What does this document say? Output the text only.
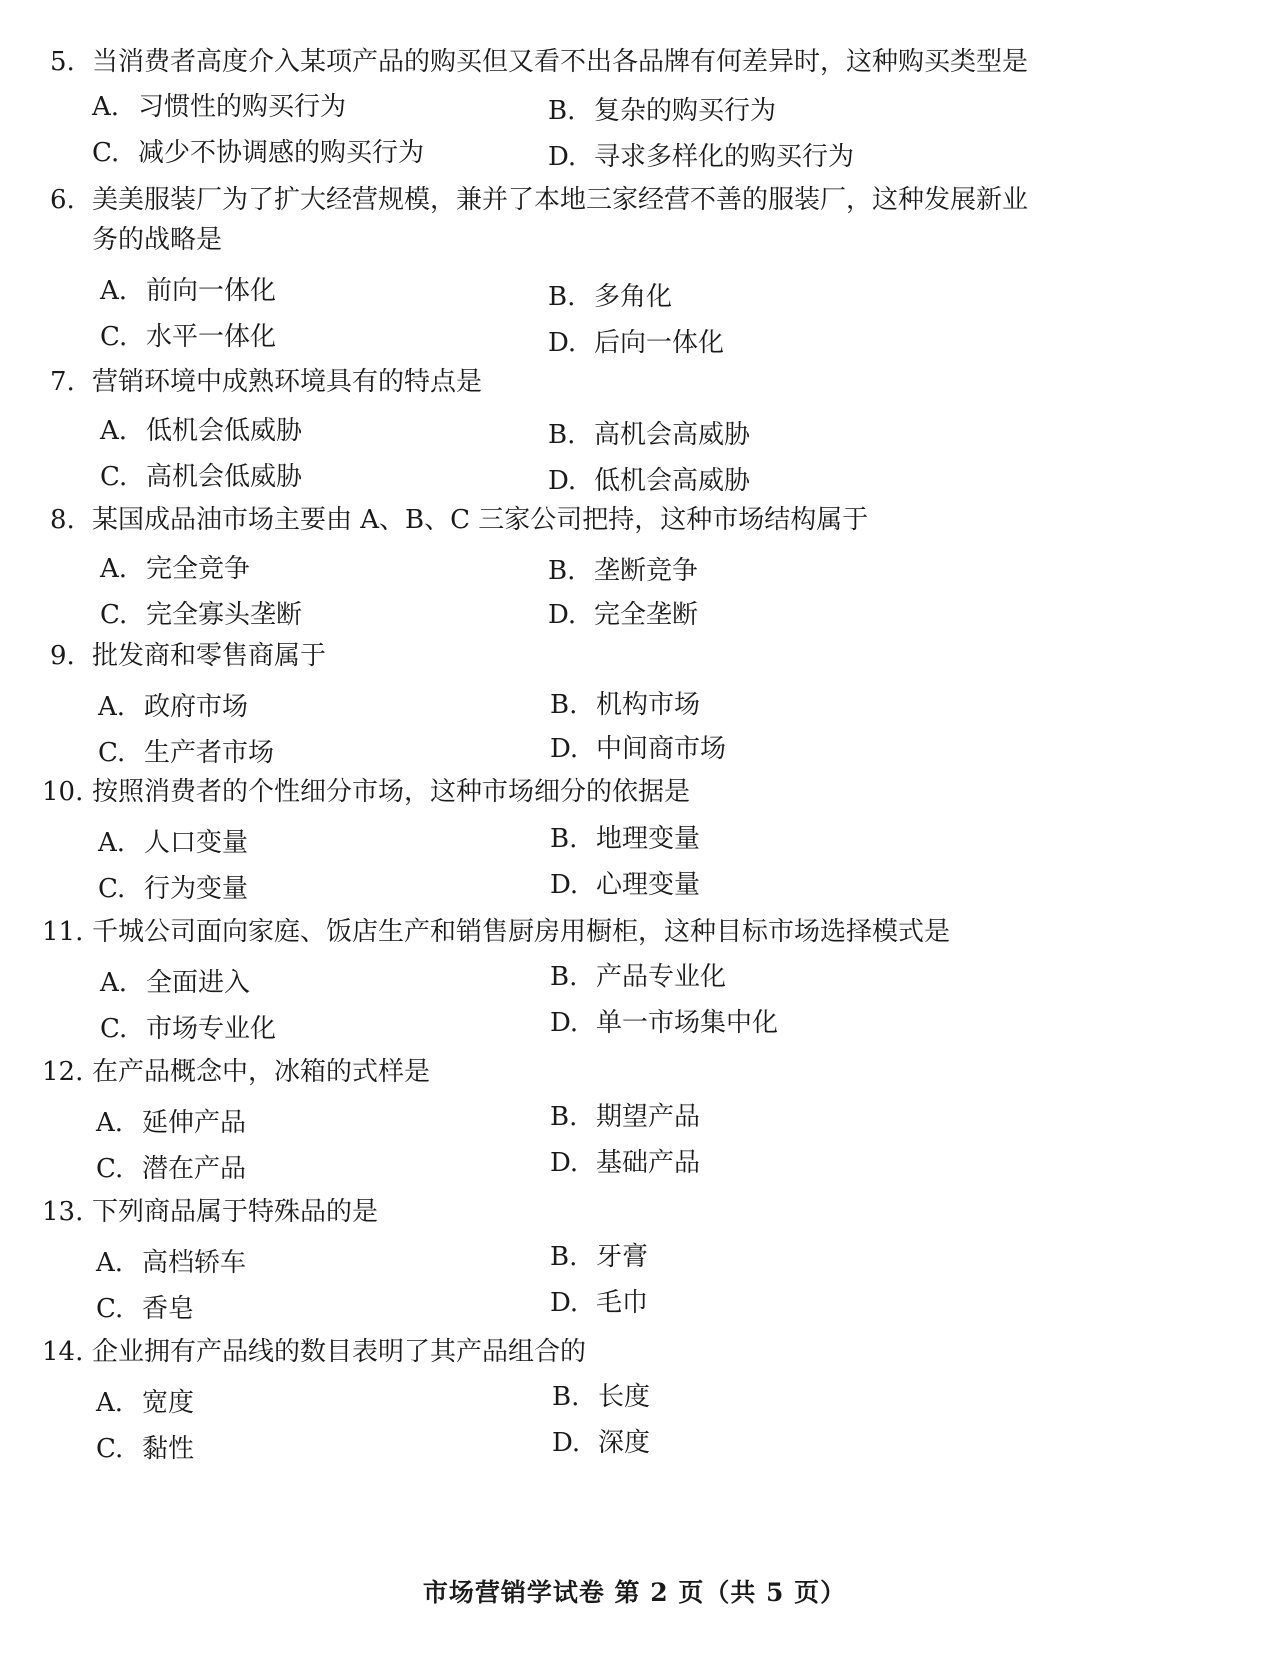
5. 当消费者高度介入某项产品的购买但又看不出各品牌有何差异时，这种购买类型是
A. 习惯性的购买行为	B. 复杂的购买行为
C. 减少不协调感的购买行为	D. 寻求多样化的购买行为
6. 美美服装厂为了扩大经营规模，兼并了本地三家经营不善的服装厂，这种发展新业
务的战略是
A. 前向一体化	B. 多角化
C. 水平一体化	D. 后向一体化
7. 营销环境中成熟环境具有的特点是
A. 低机会低威胁	B. 高机会高威胁
C. 高机会低威胁	D. 低机会高威胁
8. 某国成品油市场主要由 A、B、C 三家公司把持，这种市场结构属于
A. 完全竞争	B. 垄断竞争
C. 完全寡头垄断	D. 完全垄断
9. 批发商和零售商属于
A. 政府市场	B. 机构市场
C. 生产者市场	D. 中间商市场
10. 按照消费者的个性细分市场，这种市场细分的依据是
A. 人口变量	B. 地理变量
C. 行为变量	D. 心理变量
11. 千城公司面向家庭、饭店生产和销售厨房用橱柜，这种目标市场选择模式是
A. 全面进入	B. 产品专业化
C. 市场专业化	D. 单一市场集中化
12. 在产品概念中，冰箱的式样是
A. 延伸产品	B. 期望产品
C. 潜在产品	D. 基础产品
13. 下列商品属于特殊品的是
A. 高档轿车	B. 牙膏
C. 香皂	D. 毛巾
14. 企业拥有产品线的数目表明了其产品组合的
A. 宽度	B. 长度
C. 黏性	D. 深度
市场营销学试卷 第 2 页（共 5 页）
